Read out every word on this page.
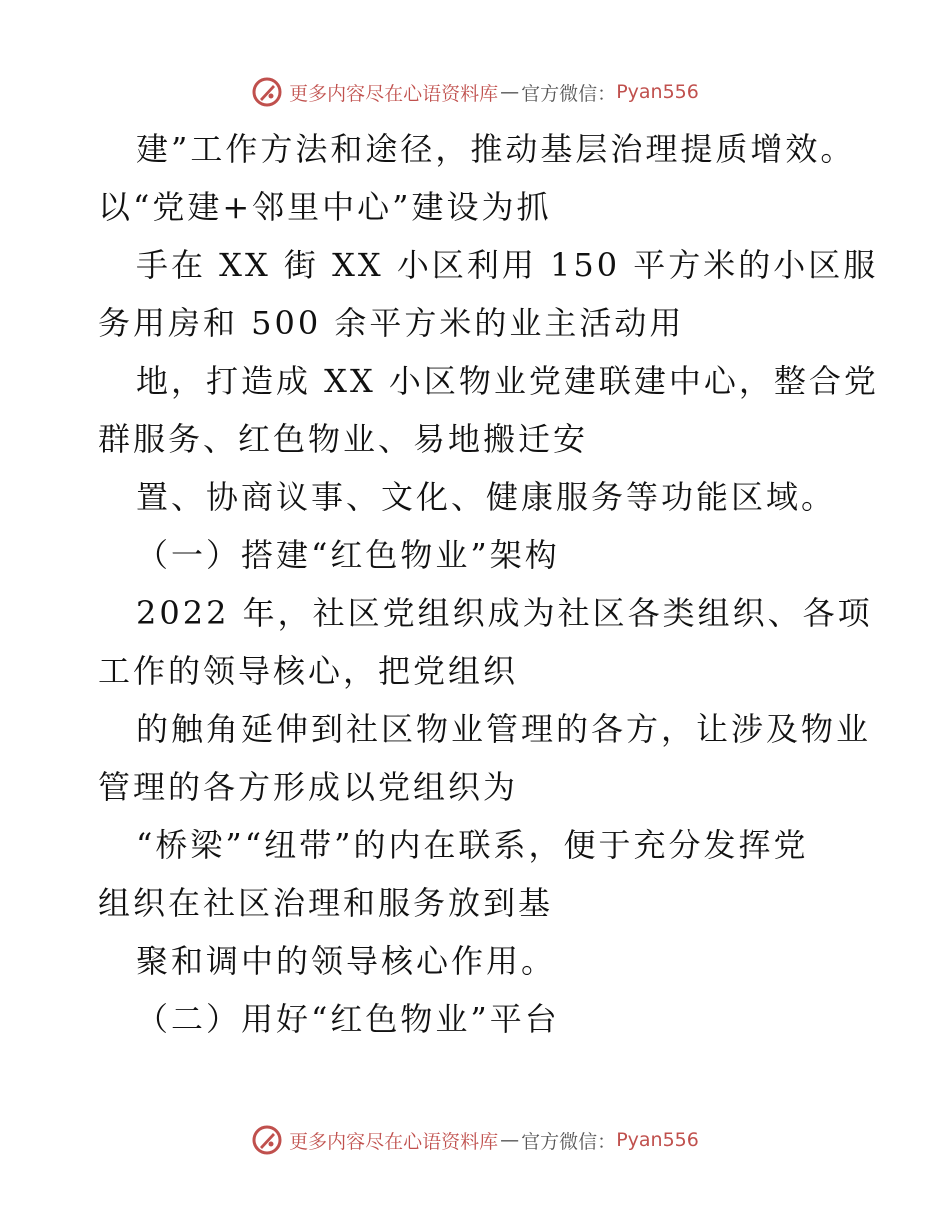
更多内容尽在心语资料库 — 官方微信： Pyan556
建”工作方法和途径，推动基层治理提质增效。
以“党建+邻里中心”建设为抓
手在 XX 街 XX 小区利用 150 平方米的小区服
务用房和 500 余平方米的业主活动用
地，打造成 XX 小区物业党建联建中心，整合党
群服务、红色物业、易地搬迁安
置、协商议事、文化、健康服务等功能区域。
（一）搭建“红色物业”架构
2022 年，社区党组织成为社区各类组织、各项
工作的领导核心，把党组织
的触角延伸到社区物业管理的各方，让涉及物业
管理的各方形成以党组织为
“桥梁”“纽带”的内在联系，便于充分发挥党
组织在社区治理和服务放到基
聚和调中的领导核心作用。
（二）用好“红色物业”平台
更多内容尽在心语资料库 — 官方微信： Pyan556
